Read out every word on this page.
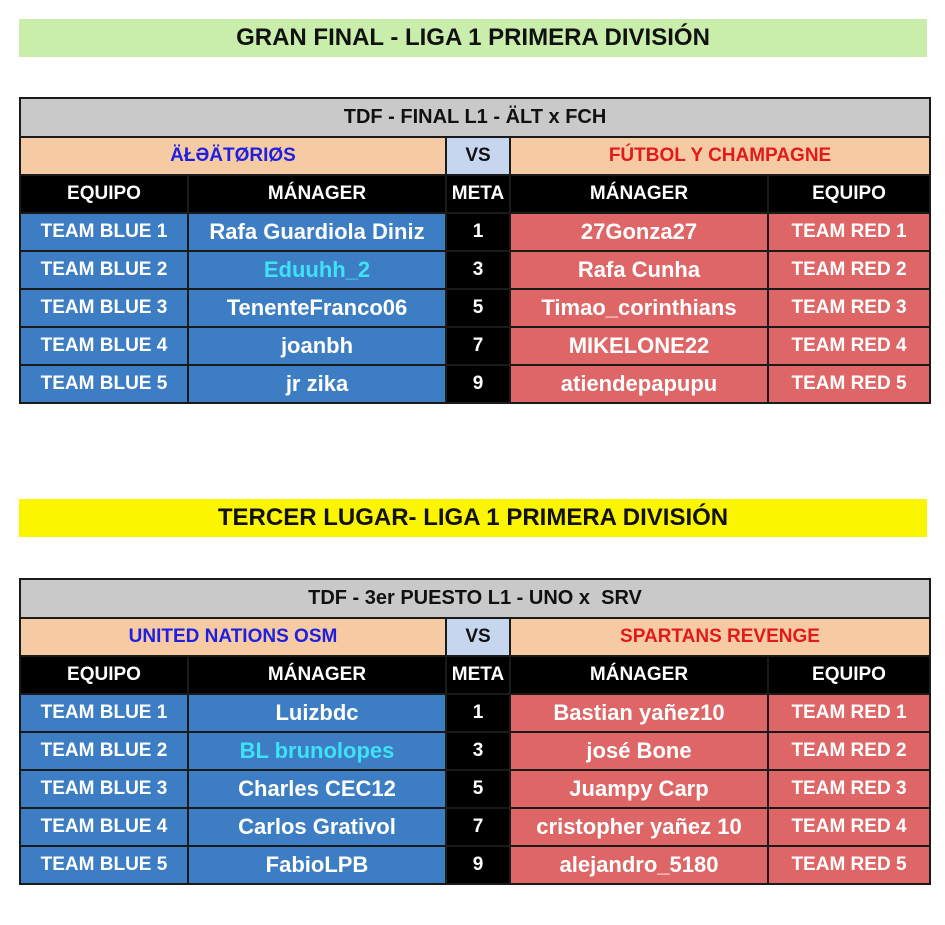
GRAN FINAL - LIGA 1 PRIMERA DIVISIÓN
TDF - FINAL L1 - ÄLT x FCH				
ÄŁƏÄTØRIØS		VS	FÚTBOL Y CHAMPAGNE	
EQUIPO	MÁNAGER	META	MÁNAGER	EQUIPO
TEAM BLUE 1	Rafa Guardiola Diniz	1	27Gonza27	TEAM RED 1
TEAM BLUE 2	Eduuhh_2	3	Rafa Cunha	TEAM RED 2
TEAM BLUE 3	TenenteFranco06	5	Timao_corinthians	TEAM RED 3
TEAM BLUE 4	joanbh	7	MIKELONE22	TEAM RED 4
TEAM BLUE 5	jr zika	9	atiendepapupu	TEAM RED 5
TERCER LUGAR- LIGA 1 PRIMERA DIVISIÓN
TDF - 3er PUESTO L1 - UNO x  SRV				
UNITED NATIONS OSM		VS	SPARTANS REVENGE	
EQUIPO	MÁNAGER	META	MÁNAGER	EQUIPO
TEAM BLUE 1	Luizbdc	1	Bastian yañez10	TEAM RED 1
TEAM BLUE 2	BL brunolopes	3	josé Bone	TEAM RED 2
TEAM BLUE 3	Charles CEC12	5	Juampy Carp	TEAM RED 3
TEAM BLUE 4	Carlos Grativol	7	cristopher yañez 10	TEAM RED 4
TEAM BLUE 5	FabioLPB	9	alejandro_5180	TEAM RED 5
